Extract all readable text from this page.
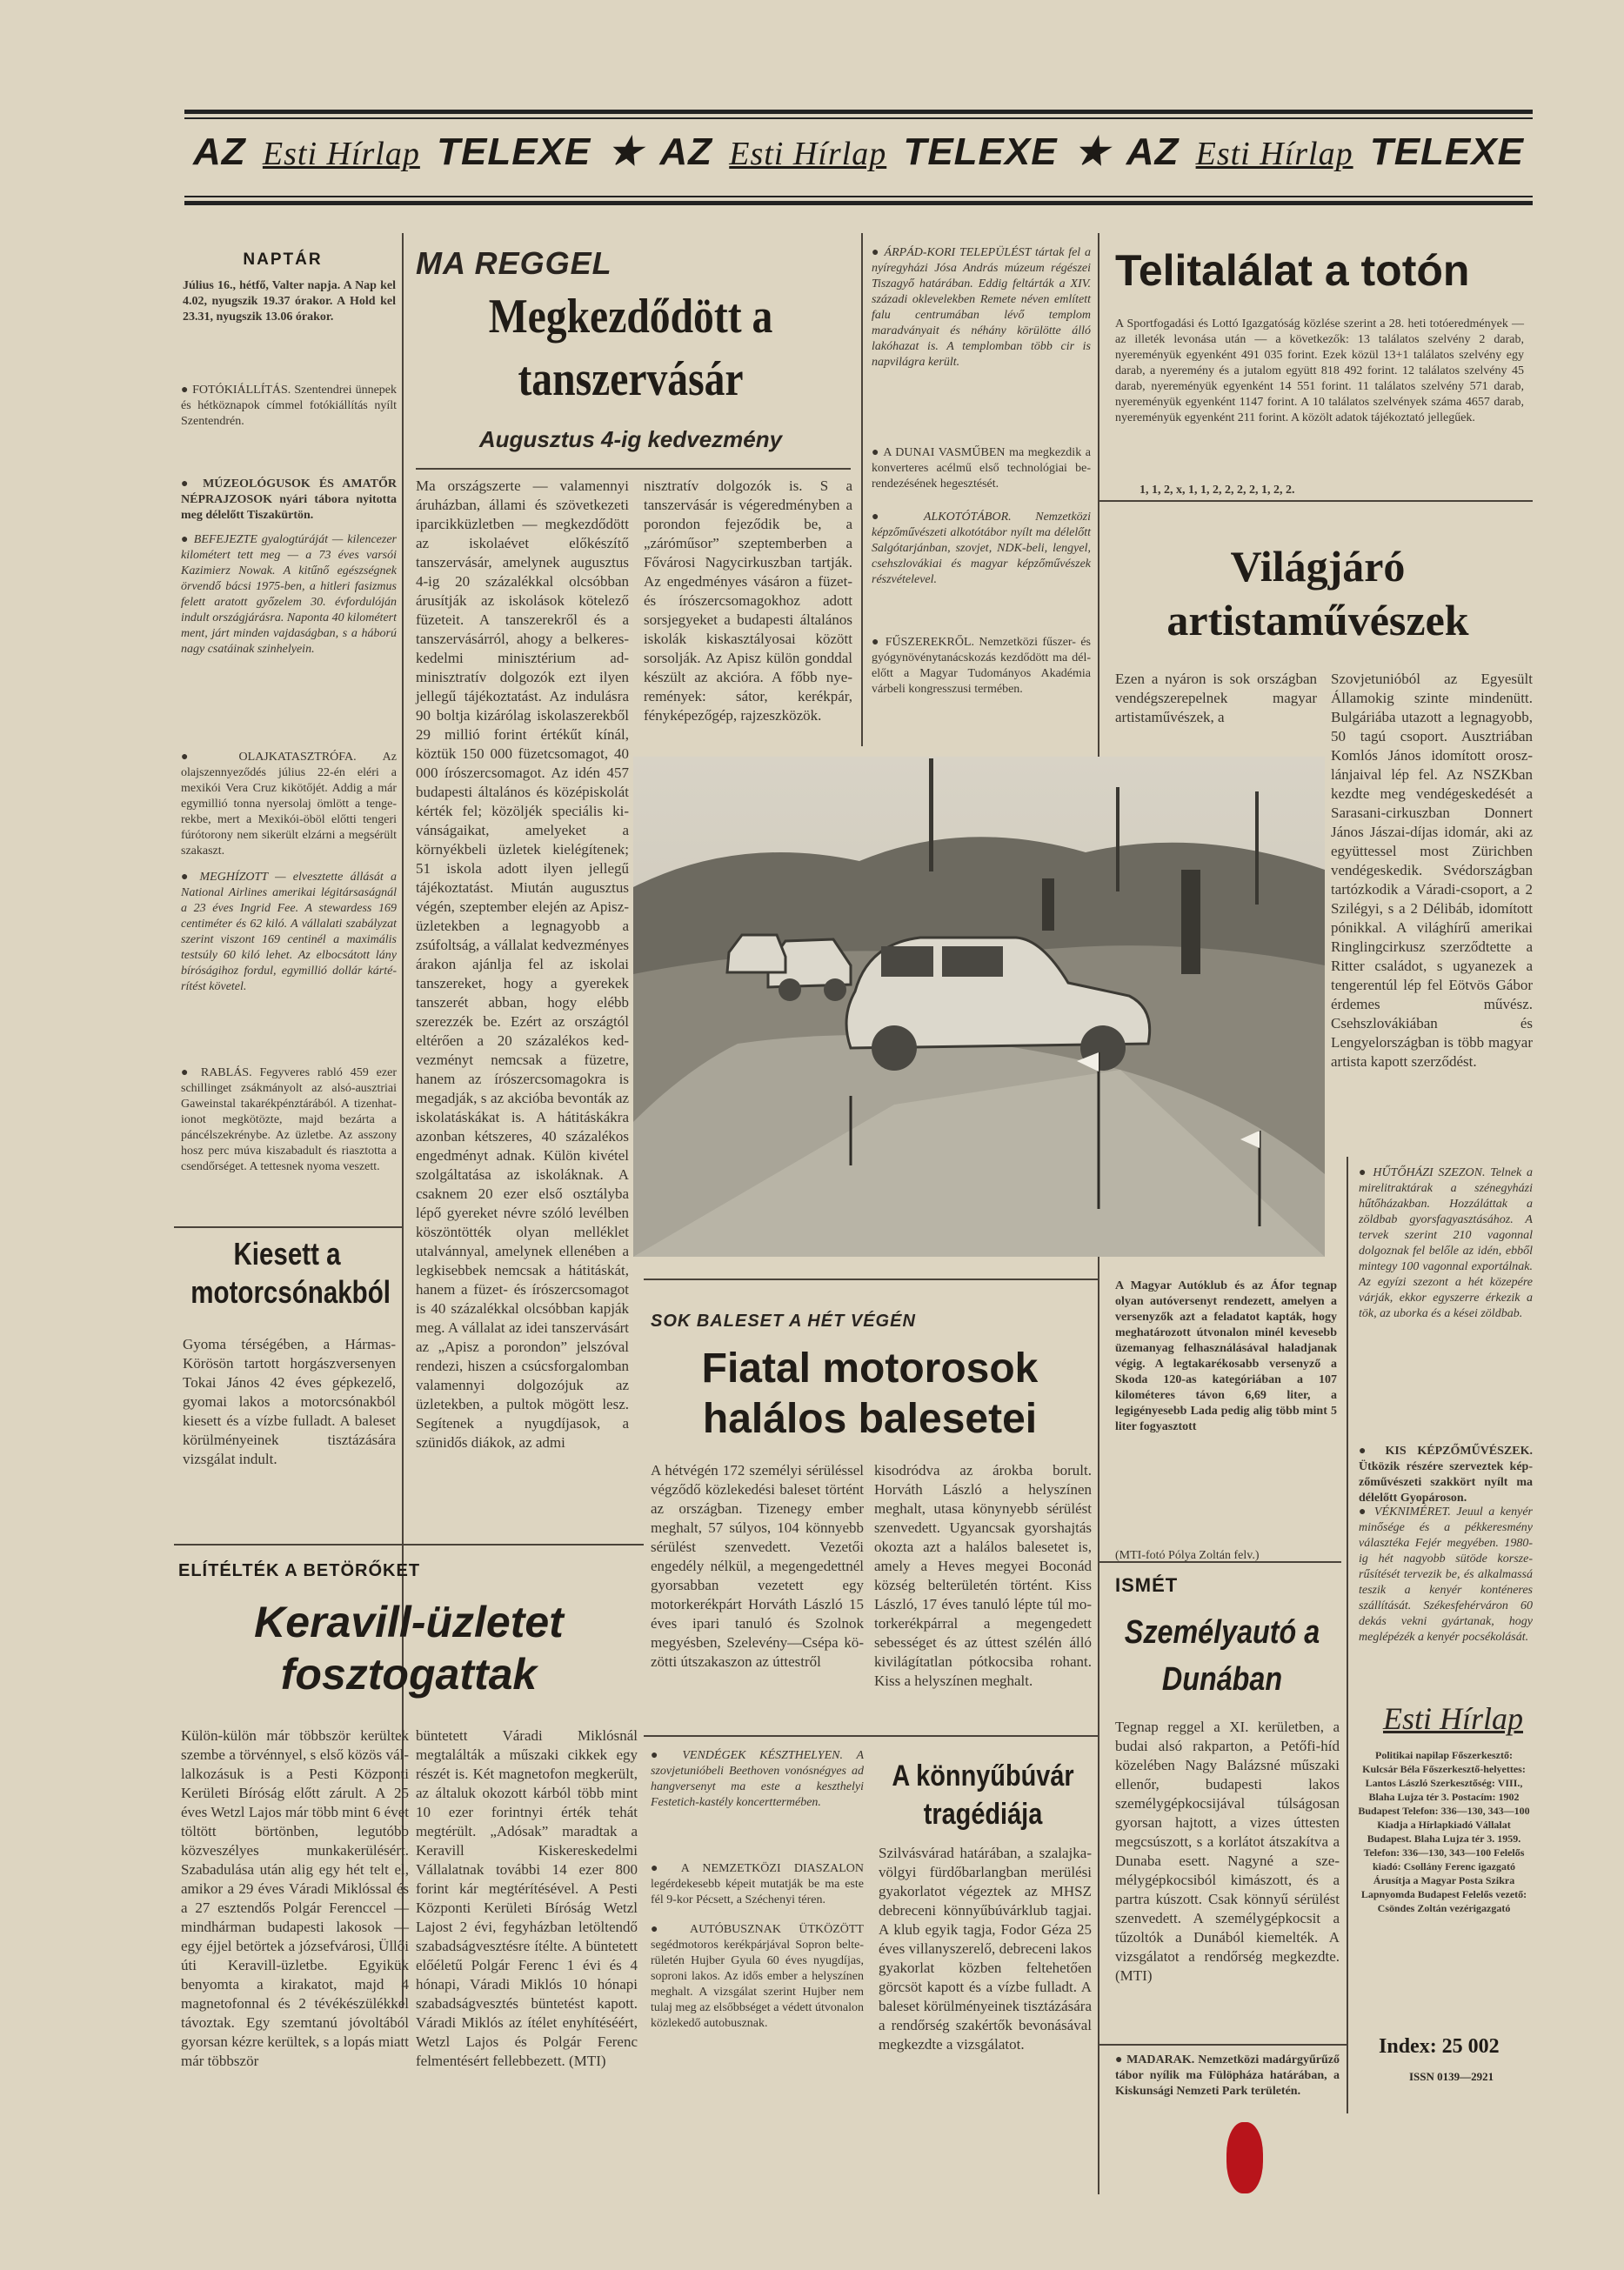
AZ Esti Hírlap TELEXE ★ AZ Esti Hírlap TELEXE ★ AZ Esti Hírlap TELEXE
NAPTÁR
Július 16., hétfő, Valter napja. A Nap kel 4.02, nyugszik 19.37 órakor. A Hold kel 23.31, nyugszik 13.06 órakor.
● FOTÓKIÁLLÍTÁS. Szentendrei ünnepek és hétköznapok címmel fotókiállítás nyílt Szentendrén.
● MÚZEOLÓGUSOK ÉS AMATŐR NÉPRAJZOSOK nyári tábora nyitotta meg délelőtt Tiszakürtön.
● BEFEJEZTE gyalogtúráját — kilencezer kilométert tett meg — a 73 éves varsói Kazimierz Nowak. A kitűnő egészségnek örvendő bácsi 1975-ben, a hitleri fasizmus felett aratott győzelem 30. évfordulóján indult országjárásra. Naponta 40 kilométert ment, járt minden vajdaságban, s a háború nagy csatáinak szinhelyein.
● OLAJKATASZTRÓFA. Az olajszennyeződés július 22-én eléri a mexikói Vera Cruz kikötőjét. Addig a már egymillió tonna nyersolaj ömlött a tengerekbe, mert a Mexikói-öböl előtti tengeri fúrótorony nem sikerült elzárni a megsérült szakaszt.
● MEGHÍZOTT — elvesztette állását a National Airlines amerikai légitársaságnál a 23 éves Ingrid Fee. A stewardess 169 centiméter és 62 kiló. A vállalati szabályzat szerint viszont 169 centinél a maximális testsúly 60 kiló lehet. Az elbocsátott lány bíróságihoz fordul, egymillió dollár kártérítést követel.
● RABLÁS. Fegyveres rabló 459 ezer schillinget zsákmányolt az alsó-ausztriai Gaweinstal takarékpénztárából. A tizenhationot megkötözte, majd bezárta a páncélszekrénybe. Az üzletbe. Az asszony hosz perc múva kiszabadult és riasztotta a csendőrséget. A tettesnek nyoma veszett.
Kiesett a motorcsónakból
Gyoma térségében, a Hármas-Körösön tartott horgászversenyen Tokai János 42 éves gépkezelő, gyomai lakos a motorcsónakból kiesett és a vízbe fulladt. A baleset körülményeinek tisztázására vizsgálat indult.
MA REGGEL
Megkezdődött a tanszervásár
Augusztus 4-ig kedvezmény
Ma országszerte — valamennyi áruházban, állami és szövetkezeti iparcikküzletben — megkezdődött az iskolaévet előkészítő tanszervásár, amelynek augusztus 4-ig 20 százalékkal olcsóbban árusítják az iskolások kötelező füzeteit. A tanszerekről és a tanszervásárról, ahogy a belkereskedelmi minisztérium adminisztratív dolgozók ezt ilyen jellegű tájékoztatást. Az indulásra 90 boltja kizárólag iskolaszerekből 29 millió forint értékűt kínál, köztük 150 000 füzetcsomagot, 40 000 írószercsomagot. Az idén 457 budapesti általános és középiskolát kérték fel; közöljék speciális kivánságaikat, amelyeket a környékbeli üzletek kielégítenek; 51 iskola adott ilyen jellegű tájékoztatást. Miután augusztus végén, szeptember elején az Apiszüzletekben a legnagyobb a zsúfoltság, a vállalat kedvezményes árakon ajánlja fel az iskolai tanszereket, hogy a gyerekek tanszerét abban, hogy elébb szerezzék be. Ezért az országtól eltérően a 20 százalékos kedvezményt nemcsak a füzetre, hanem az írószercsomagokra is megadják, s az akcióba bevonták az iskolatáskákat is. A hátitáskákra azonban kétszeres, 40 százalékos engedményt adnak. Külön kivétel szolgáltatása az iskoláknak. A csaknem 20 ezer első osztályba lépő gyereket névre szóló levélben köszöntötték olyan melléklet utalvánnyal, amelynek ellenében a legkisebbek nemcsak a hátitáskát, hanem a füzet- és írószercsomagot is 40 százalékkal olcsóbban kapják meg. A vállalat az idei tanszervásárt az „Apisz a porondon” jelszóval rendezi, hiszen a csúcsforgalomban valamennyi dolgozójuk az üzletekben, a pultok mögött lesz. Segítenek a nyugdíjasok, a szünidős diákok, az admi
nisztratív dolgozók is. S a tanszervásár is végeredményben a porondon fejeződik be, a „záróműsor” szeptemberben a Fővárosi Nagycirkuszban tartják. Az engedményes vásáron a füzet- és írószercsomagokhoz adott sorsjegyeket a budapesti általános iskolák kiskasztályosai között sorsolják. Az Apisz külön gonddal készült az akcióra. A főbb nyeremények: sátor, kerékpár, fényképezőgép, rajzeszközök.
● ÁRPÁD-KORI TELEPÜLÉST tártak fel a nyíregyházi Jósa András múzeum régészei Tiszagyő határában. Eddig feltárták a XIV. századi oklevelekben Remete néven említett falu centrumában lévő templom maradványait és néhány körülötte álló lakóhazat is. A templomban több cir is napvilágra került.
● A DUNAI VASMŰBEN ma megkezdik a konverteres acélmű első technológiai berendezésének hegesztését.
● ALKOTÓTÁBOR. Nemzetközi képzőművészeti alkotótábor nyílt ma délelőtt Salgótarjánban, szovjet, NDK-beli, lengyel, csehszlovákiai és magyar képzőművészek részvételevel.
● FŰSZEREKRŐL. Nemzetközi fűszer- és gyógynövénytanácskozás kezdődött ma délelőtt a Magyar Tudományos Akadémia várbeli kongresszusi termében.
Telitalálat a totón
A Sportfogadási és Lottó Igazgatóság közlése szerint a 28. heti totóeredmények — az illeték levonása után — a következők: 13 találatos szelvény 2 darab, nyereményük egyenként 491 035 forint. Ezek közül 13+1 találatos szelvény egy darab, a nyeremény és a jutalom együtt 818 492 forint. 12 találatos szelvény 45 darab, nyereményük egyenként 14 551 forint. 11 találatos szelvény 571 darab, nyereményük egyenként 1147 forint. A 10 találatos szelvények száma 4657 darab, nyereményük egyenként 211 forint. A közölt adatok tájékoztató jellegűek.
1, 1, 2, x, 1, 1, 2, 2, 2, 2, 1, 2, 2.
Világjáró artistaművészek
Ezen a nyáron is sok országban vendégszerepelnek magyar artistaművészek, a
Szovjetunióból az Egyesült Államokig szinte mindenütt. Bulgáriába utazott a legnagyobb, 50 tagú csoport. Ausztriában Komlós János idomított oroszlánjaival lép fel. Az NSZKban kezdte meg vendégeskedését a Sarasani-cirkuszban Donnert János Jászai-díjas idomár, aki az együttessel most Zürichben vendégeskedik. Svédországban tartózkodik a Váradi-csoport, a 2 Szilégyi, s a 2 Délibáb, idomított pónikkal. A világhírű amerikai Ringlingcirkusz szerződtette a Ritter családot, s ugyanezek a tengerentúl lép fel Eötvös Gábor érdemes művész. Csehszlovákiában és Lengyelországban is több magyar artista kapott szerződést.
A Magyar Autóklub és az Áfor tegnap olyan autóversenyt rendezett, amelyen a versenyzők azt a feladatot kapták, hogy meghatározott útvonalon minél kevesebb üzemanyag felhasználásával haladjanak végig. A legtakarékosabb versenyző a Skoda 120-as kategóriában a 107 kilométeres távon 6,69 liter, a legigényesebb Lada pedig alig több mint 5 liter fogyasztott
(MTI-fotó Pólya Zoltán felv.)
● HŰTŐHÁZI SZEZON. Telnek a mirelitraktárak a szénegyházi hűtőházakban. Hozzáláttak a zöldbab gyorsfagyasztásához. A tervek szerint 210 vagonnal dolgoznak fel belőle az idén, ebből mintegy 100 vagonnal exportálnak. Az egyízi szezont a hét közepére várják, ekkor egyszerre érkezik a tök, az uborka és a kései zöldbab.
● KIS KÉPZŐMŰVÉSZEK. Ütközik részére szerveztek képzőművészeti szakkört nyílt ma délelőtt Gyopároson.
● VÉKNIMÉRET. Jeuul a kenyér minősége és a pékkeresmény választéka Fejér megyében. 1980-ig hét nagyobb sütöde korszerűsítését tervezik be, és alkalmassá teszik a kenyér konténeres szállítását. Székesfehérváron 60 dekás vekni gyártanak, hogy meglépézék a kenyér pocsékolását.
SOK BALESET A HÉT VÉGÉN
Fiatal motorosok halálos balesetei
A hétvégén 172 személyi sérüléssel végződő közlekedési baleset történt az országban. Tizenegy ember meghalt, 57 súlyos, 104 könnyebb sérülést szenvedett. Vezetői engedély nélkül, a megengedettnél gyorsabban vezetett egy motorkerékpárt Horváth László 15 éves ipari tanuló és Szolnok megyésben, Szelevény—Csépa közötti útszakaszon az úttestről
kisodródva az árokba borult. Horváth László a helyszínen meghalt, utasa könynyebb sérülést szenvedett. Ugyancsak gyorshajtás okozta azt a halálos balesetet is, amely a Heves megyei Boconád község belterületén történt. Kiss László, 17 éves tanuló lépte túl motorkerékpárral a megengedett sebességet és az úttest szélén álló kivilágítatlan pótkocsiba rohant. Kiss a helyszínen meghalt.
ELÍTÉLTÉK A BETÖRŐKET
Keravill-üzletet fosztogattak
Külön-külön már többször kerültek szembe a törvénnyel, s első közös vállalkozásuk is a Pesti Központi Kerületi Bíróság előtt zárult. A 25 éves Wetzl Lajos már több mint 6 évet töltött börtönben, legutóbb közveszélyes munkakerülésért. Szabadulása után alig egy hét telt el, amikor a 29 éves Váradi Miklóssal és a 27 esztendős Polgár Ferenccel — mindhárman budapesti lakosok — egy éjjel betörtek a józsefvárosi, Üllői úti Keravill-üzletbe. Egyikük benyomta a kirakatot, majd 4 magnetofonnal és 2 tévékészülékkel távoztak. Egy szemtanú jóvoltából gyorsan kézre kerültek, s a lopás miatt már többször
büntetett Váradi Miklósnál megtalálták a műszaki cikkek egy részét is. Két magnetofon megkerült, az általuk okozott kárból több mint 10 ezer forintnyi érték tehát megtérült. „Adósak” maradtak a Keravill Kiskereskedelmi Vállalatnak további 14 ezer 800 forint kár megtérítésével. A Pesti Központi Kerületi Bíróság Wetzl Lajost 2 évi, fegyházban letöltendő szabadságvesztésre ítélte. A büntetett előéletű Polgár Ferenc 1 évi és 4 hónapi, Váradi Miklós 10 hónapi szabadságvesztés büntetést kapott. Váradi Miklós az ítélet enyhítéséért, Wetzl Lajos és Polgár Ferenc felmentésért fellebbezett. (MTI)
● VENDÉGEK KÉSZTHELYEN. A szovjetunióbeli Beethoven vonósnégyes ad hangversenyt ma este a keszthelyi Festetich-kastély koncerttermében.
● A NEMZETKÖZI DIASZALON legérdekesebb képeit mutatják be ma este fél 9-kor Pécsett, a Széchenyi téren.
● AUTÓBUSZNAK ÜTKÖZÖTT segédmotoros kerékpárjával Sopron belterületén Hujber Gyula 60 éves nyugdíjas, soproni lakos. Az idős ember a helyszínen meghalt. A vizsgálat szerint Hujber nem tulaj meg az elsőbbséget a védett útvonalon közlekedő autobusznak.
A könnyűbúvár tragédiája
Szilvásvárad határában, a szalajka-völgyi fürdőbarlangban merülési gyakorlatot végeztek az MHSZ debreceni könnyűbúvárklub tagjai. A klub egyik tagja, Fodor Géza 25 éves villanyszerelő, debreceni lakos gyakorlat közben feltehetően görcsöt kapott és a vízbe fulladt. A baleset körülményeinek tisztázására a rendőrség szakértők bevonásával megkezdte a vizsgálatot.
ISMÉT
Személyautó a Dunában
Tegnap reggel a XI. kerületben, a budai alsó rakparton, a Petőfi-híd közelében Nagy Balázsné műszaki ellenőr, budapesti lakos személygépkocsijával túlságosan gyorsan hajtott, a vizes úttesten megcsúszott, s a korlátot átszakítva a Dunaba esett. Nagyné a személygépkocsiból kimászott, és a partra kúszott. Csak könnyű sérülést szenvedett. A személygépkocsit a tűzoltók a Dunából kiemelték. A vizsgálatot a rendőrség megkezdte. (MTI)
● MADARAK. Nemzetközi madárgyűrűző tábor nyílik ma Fülöpháza határában, a Kiskunsági Nemzeti Park területén.
Esti Hírlap
Politikai napilap Főszerkesztő: Kulcsár Béla Főszerkesztő-helyettes: Lantos László Szerkesztőség: VIII., Blaha Lujza tér 3. Postacím: 1902 Budapest Telefon: 336—130, 343—100 Kiadja a Hírlapkiadó Vállalat Budapest. Blaha Lujza tér 3. 1959. Telefon: 336—130, 343—100 Felelős kiadó: Csollány Ferenc igazgató Árusítja a Magyar Posta Szikra Lapnyomda Budapest Felelős vezető: Csöndes Zoltán vezérigazgató
Index: 25 002
ISSN 0139—2921
